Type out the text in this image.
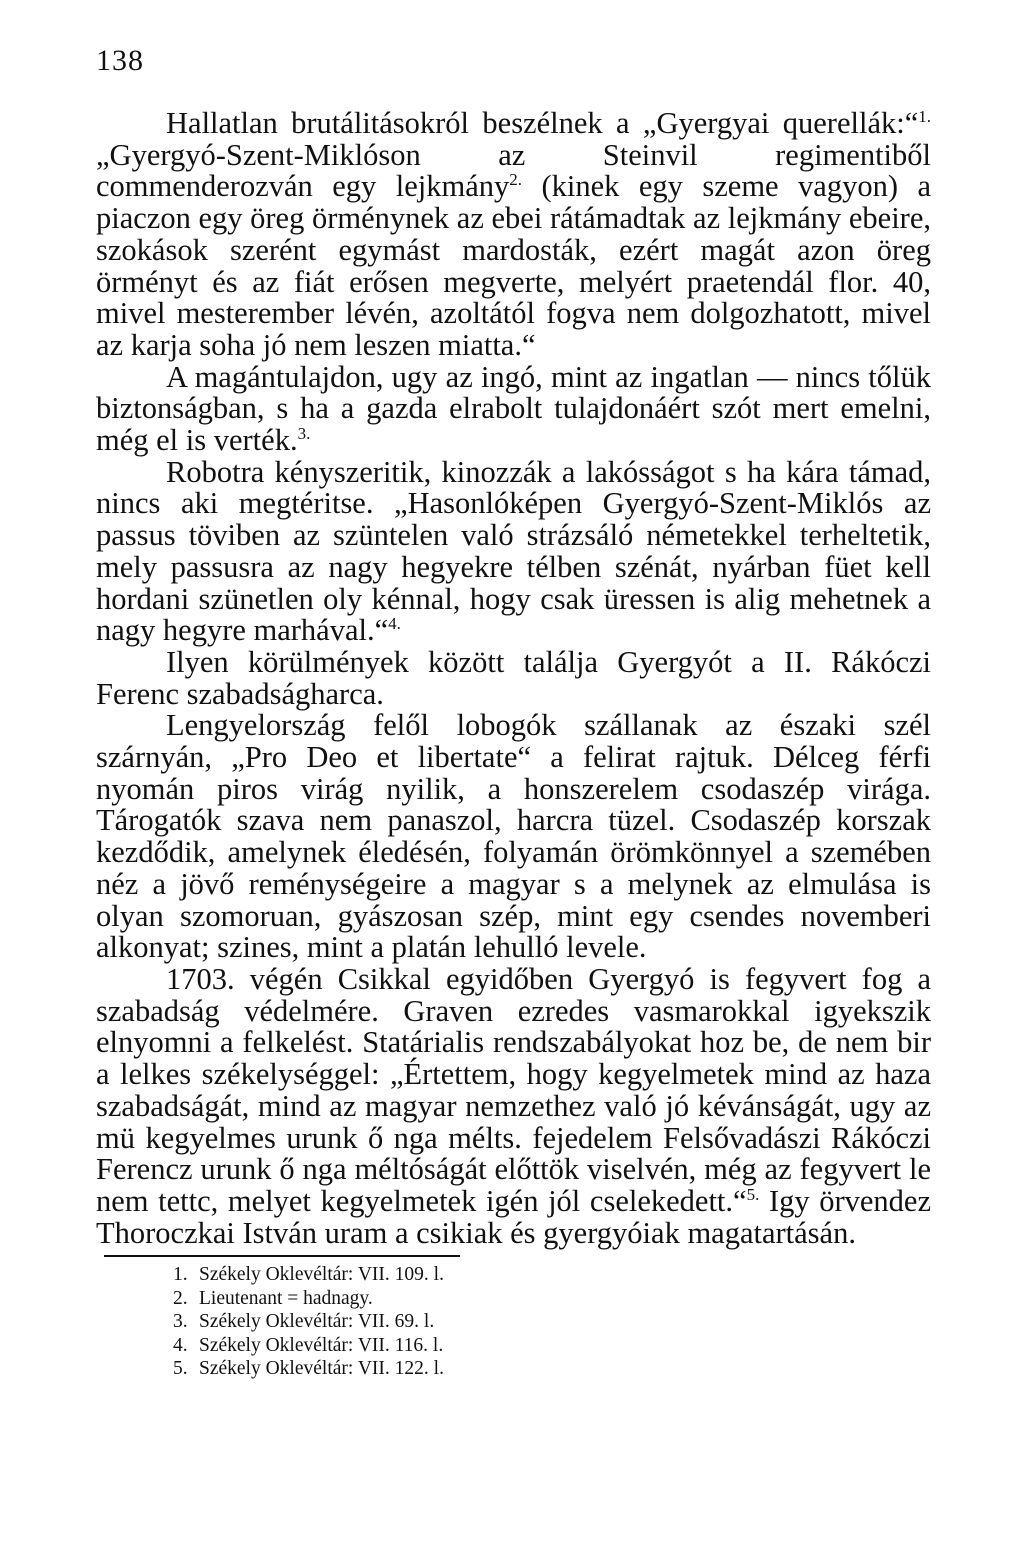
138

Hallatlan brutálitásokról beszélnek a „Gyergyai querellák:“$^{1.}$ „Gyergyó-Szent-Miklóson az Steinvil regimentiből commenderozván egy lejkmány$^{2.}$ (kinek egy szeme vagyon) a piaczon egy öreg örménynek az ebei rátámadtak az lejkmány ebeire, szokások szerént egymást mardosták, ezért magát azon öreg örményt és az fiát erősen megverte, melyért praetendál flor. 40, mivel mesterember lévén, azoltától fogva nem dolgozhatott, mivel az karja soha jó nem leszen miatta.“

A magántulajdon, ugy az ingó, mint az ingatlan — nincs tőlük biztonságban, s ha a gazda elrabolt tulajdonáért szót mert emelni, még el is verték.$^{3.}$

Robotra kényszeritik, kinozzák a lakósságot s ha kára támad, nincs aki megtéritse. „Hasonlóképen Gyergyó-Szent-Miklós az passus töviben az szüntelen való strázsáló németekkel terheltetik, mely passusra az nagy hegyekre télben szénát, nyárban füet kell hordani szünetlen oly kénnal, hogy csak üressen is alig mehetnek a nagy hegyre marhával.“$^{4.}$

Ilyen körülmények között találja Gyergyót a II. Rákóczi Ferenc szabadságharca.

Lengyelország felől lobogók szállanak az északi szél szárnyán, „Pro Deo et libertate“ a felirat rajtuk. Délceg férfi nyomán piros virág nyilik, a honszerelem csodaszép virága. Tárogatók szava nem panaszol, harcra tüzel. Csodaszép korszak kezdődik, amelynek éledésén, folyamán örömkönnyel a szemében néz a jövő reménységeire a magyar s a melynek az elmulása is olyan szomoruan, gyászosan szép, mint egy csendes novemberi alkonyat; szines, mint a platán lehulló levele.

1703. végén Csikkal egyidőben Gyergyó is fegyvert fog a szabadság védelmére. Graven ezredes vasmarokkal igyekszik elnyomni a felkelést. Statárialis rendszabályokat hoz be, de nem bir a lelkes székelységgel: „Értettem, hogy kegyelmetek mind az haza szabadságát, mind az magyar nemzethez való jó kévánságát, ugy az mü kegyelmes urunk ő nga mélts. fejedelem Felsővadászi Rákóczi Ferencz urunk ő nga méltóságát előttök viselvén, még az fegyvert le nem tettc, melyet kegyelmetek igén jól cselekedett.“$^{5.}$ Igy örvendez Thoroczkai István uram a csikiak és gyergyóiak magatartásán.

1. Székely Oklevéltár: VII. 109. l.
2. Lieutenant = hadnagy.
3. Székely Oklevéltár: VII. 69. l.
4. Székely Oklevéltár: VII. 116. l.
5. Székely Oklevéltár: VII. 122. l.
